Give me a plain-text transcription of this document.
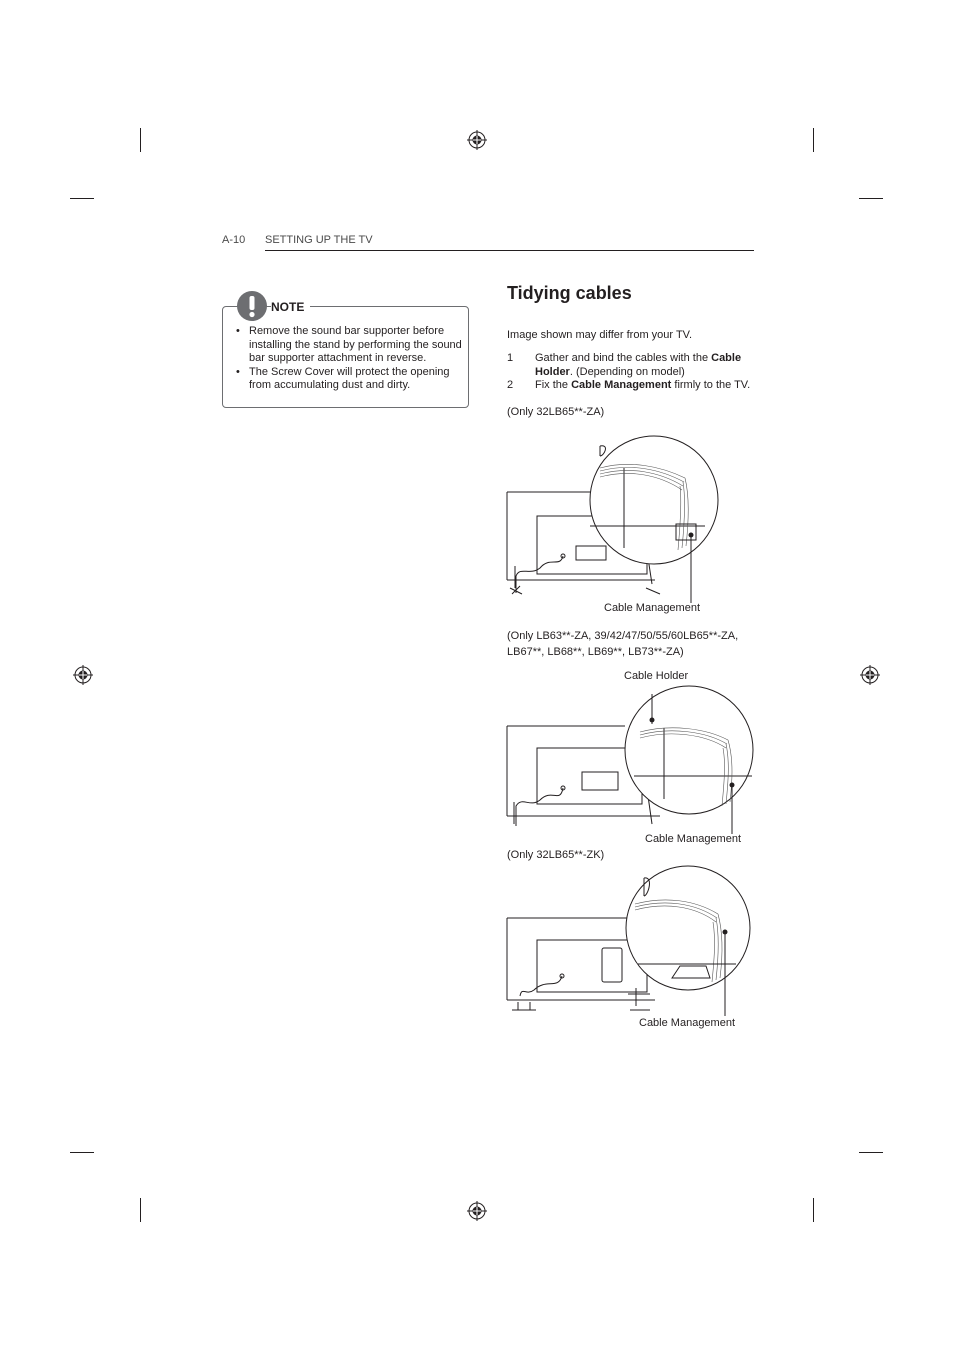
A-10 SETTING UP THE TV
NOTE
• Remove the sound bar supporter before installing the stand by performing the sound bar supporter attachment in reverse.
• The Screw Cover will protect the opening from accumulating dust and dirty.
Tidying cables
Image shown may differ from your TV.
1 Gather and bind the cables with the Cable Holder. (Depending on model)
2 Fix the Cable Management firmly to the TV.
(Only 32LB65**-ZA)
Cable Management
(Only LB63**-ZA, 39/42/47/50/55/60LB65**-ZA, LB67**, LB68**, LB69**, LB73**-ZA)
Cable Holder
Cable Management
(Only 32LB65**-ZK)
Cable Management
